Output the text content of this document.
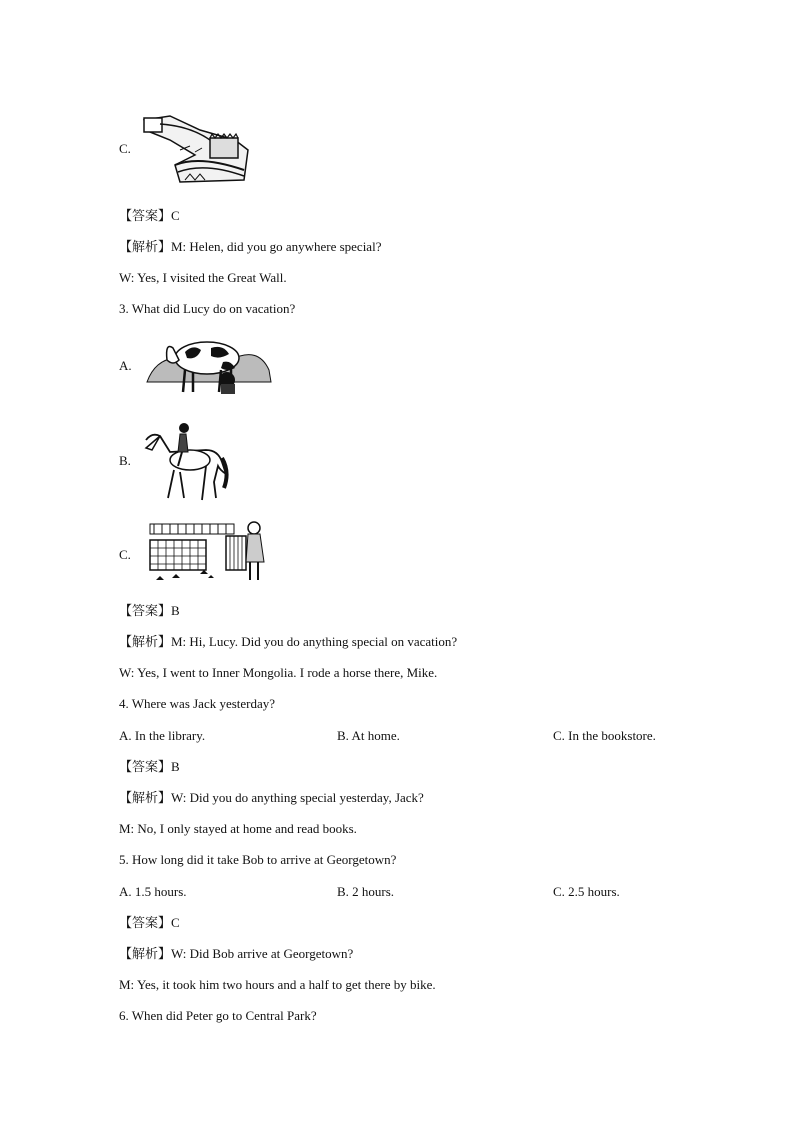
C.
【答案】C
【解析】M: Helen, did you go anywhere special?
W: Yes, I visited the Great Wall.
3. What did Lucy do on vacation?
A.
B.
C.
【答案】B
【解析】M: Hi, Lucy. Did you do anything special on vacation?
W: Yes, I went to Inner Mongolia. I rode a horse there, Mike.
4. Where was Jack yesterday?
A. In the library.	B. At home.	C. In the bookstore.
【答案】B
【解析】W: Did you do anything special yesterday, Jack?
M: No, I only stayed at home and read books.
5. How long did it take Bob to arrive at Georgetown?
A. 1.5 hours.	B. 2 hours.	C. 2.5 hours.
【答案】C
【解析】W: Did Bob arrive at Georgetown?
M: Yes, it took him two hours and a half to get there by bike.
6. When did Peter go to Central Park?
